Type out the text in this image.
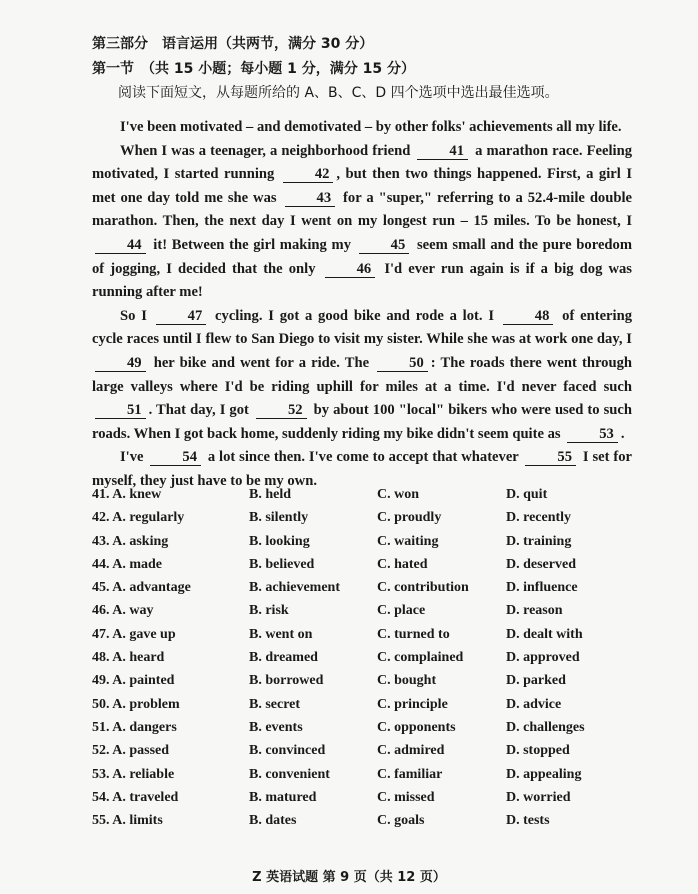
第三部分　语言运用（共两节，满分 30 分）
第一节　（共 15 小题；每小题 1 分，满分 15 分）
阅读下面短文，从每题所给的 A、B、C、D 四个选项中选出最佳选项。

I've been motivated – and demotivated – by other folks' achievements all my life.

When I was a teenager, a neighborhood friend 41 a marathon race. Feeling motivated, I started running 42 , but then two things happened. First, a girl I met one day told me she was 43 for a "super," referring to a 52.4-mile double marathon. Then, the next day I went on my longest run – 15 miles. To be honest, I 44 it! Between the girl making my 45 seem small and the pure boredom of jogging, I decided that the only 46 I'd ever run again is if a big dog was running after me!

So I 47 cycling. I got a good bike and rode a lot. I 48 of entering cycle races until I flew to San Diego to visit my sister. While she was at work one day, I 49 her bike and went for a ride. The 50 : The roads there went through large valleys where I'd be riding uphill for miles at a time. I'd never faced such 51 . That day, I got 52 by about 100 "local" bikers who were used to such roads. When I got back home, suddenly riding my bike didn't seem quite as 53 .

I've 54 a lot since then. I've come to accept that whatever 55 I set for myself, they just have to be my own.

41. A. knew	B. held	C. won	D. quit
42. A. regularly	B. silently	C. proudly	D. recently
43. A. asking	B. looking	C. waiting	D. training
44. A. made	B. believed	C. hated	D. deserved
45. A. advantage	B. achievement	C. contribution	D. influence
46. A. way	B. risk	C. place	D. reason
47. A. gave up	B. went on	C. turned to	D. dealt with
48. A. heard	B. dreamed	C. complained	D. approved
49. A. painted	B. borrowed	C. bought	D. parked
50. A. problem	B. secret	C. principle	D. advice
51. A. dangers	B. events	C. opponents	D. challenges
52. A. passed	B. convinced	C. admired	D. stopped
53. A. reliable	B. convenient	C. familiar	D. appealing
54. A. traveled	B. matured	C. missed	D. worried
55. A. limits	B. dates	C. goals	D. tests
Z 英语试题 第 9 页（共 12 页）
